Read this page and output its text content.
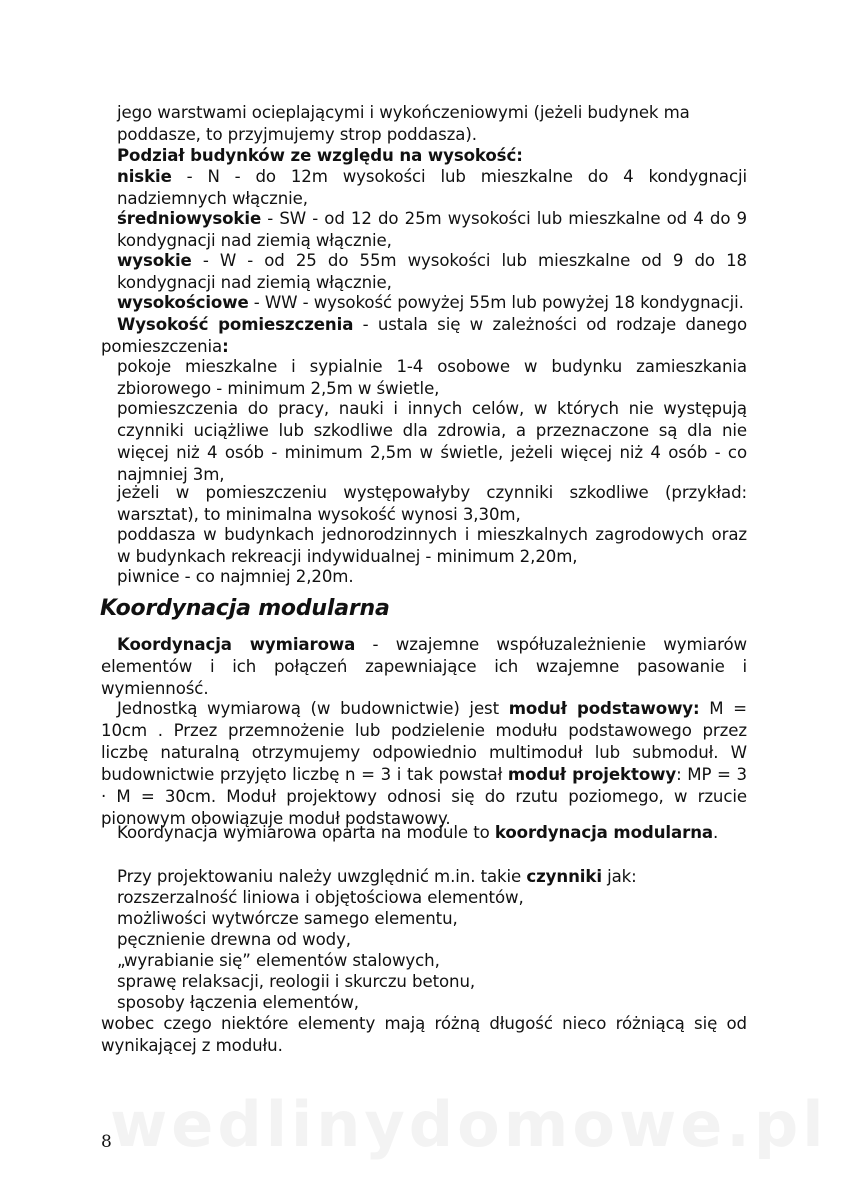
jego warstwami ocieplającymi i wykończeniowymi (jeżeli budynek ma
poddasze, to przyjmujemy strop poddasza).
Podział budynków ze względu na wysokość:
niskie - N - do 12m wysokości lub mieszkalne do 4 kondygnacji nadziemnych włącznie,
średniowysokie - SW - od 12 do 25m wysokości lub mieszkalne od 4 do 9 kondygnacji nad ziemią włącznie,
wysokie - W - od 25 do 55m wysokości lub mieszkalne od 9 do 18 kondygnacji nad ziemią włącznie,
wysokościowe - WW - wysokość powyżej 55m lub powyżej 18 kondygnacji.
Wysokość pomieszczenia - ustala się w zależności od rodzaje danego pomieszczenia:
pokoje mieszkalne i sypialnie 1-4 osobowe w budynku zamieszkania zbiorowego - minimum 2,5m w świetle,
pomieszczenia do pracy, nauki i innych celów, w których nie występują czynniki uciążliwe lub szkodliwe dla zdrowia, a przeznaczone są dla nie więcej niż 4 osób - minimum 2,5m w świetle, jeżeli więcej niż 4 osób - co najmniej 3m,
jeżeli w pomieszczeniu występowałyby czynniki szkodliwe (przykład: warsztat), to minimalna wysokość wynosi 3,30m,
poddasza w budynkach jednorodzinnych i mieszkalnych zagrodowych oraz w budynkach rekreacji indywidualnej - minimum 2,20m,
piwnice - co najmniej 2,20m.
Koordynacja modularna
Koordynacja wymiarowa - wzajemne współuzależnienie wymiarów elementów i ich połączeń zapewniające ich wzajemne pasowanie i wymienność.
Jednostką wymiarową (w budownictwie) jest moduł podstawowy: M = 10cm . Przez przemnożenie lub podzielenie modułu podstawowego przez liczbę naturalną otrzymujemy odpowiednio multimoduł lub submoduł. W budownictwie przyjęto liczbę n = 3 i tak powstał moduł projektowy: MP = 3 · M = 30cm. Moduł projektowy odnosi się do rzutu poziomego, w rzucie pionowym obowiązuje moduł podstawowy.
Koordynacja wymiarowa oparta na module to koordynacja modularna.
Przy projektowaniu należy uwzględnić m.in. takie czynniki jak:
rozszerzalność liniowa i objętościowa elementów,
możliwości wytwórcze samego elementu,
pęcznienie drewna od wody,
„wyrabianie się” elementów stalowych,
sprawę relaksacji, reologii i skurczu betonu,
sposoby łączenia elementów,
wobec czego niektóre elementy mają różną długość nieco różniącą się od wynikającej z modułu.
wedlinydomowe.pl
8
